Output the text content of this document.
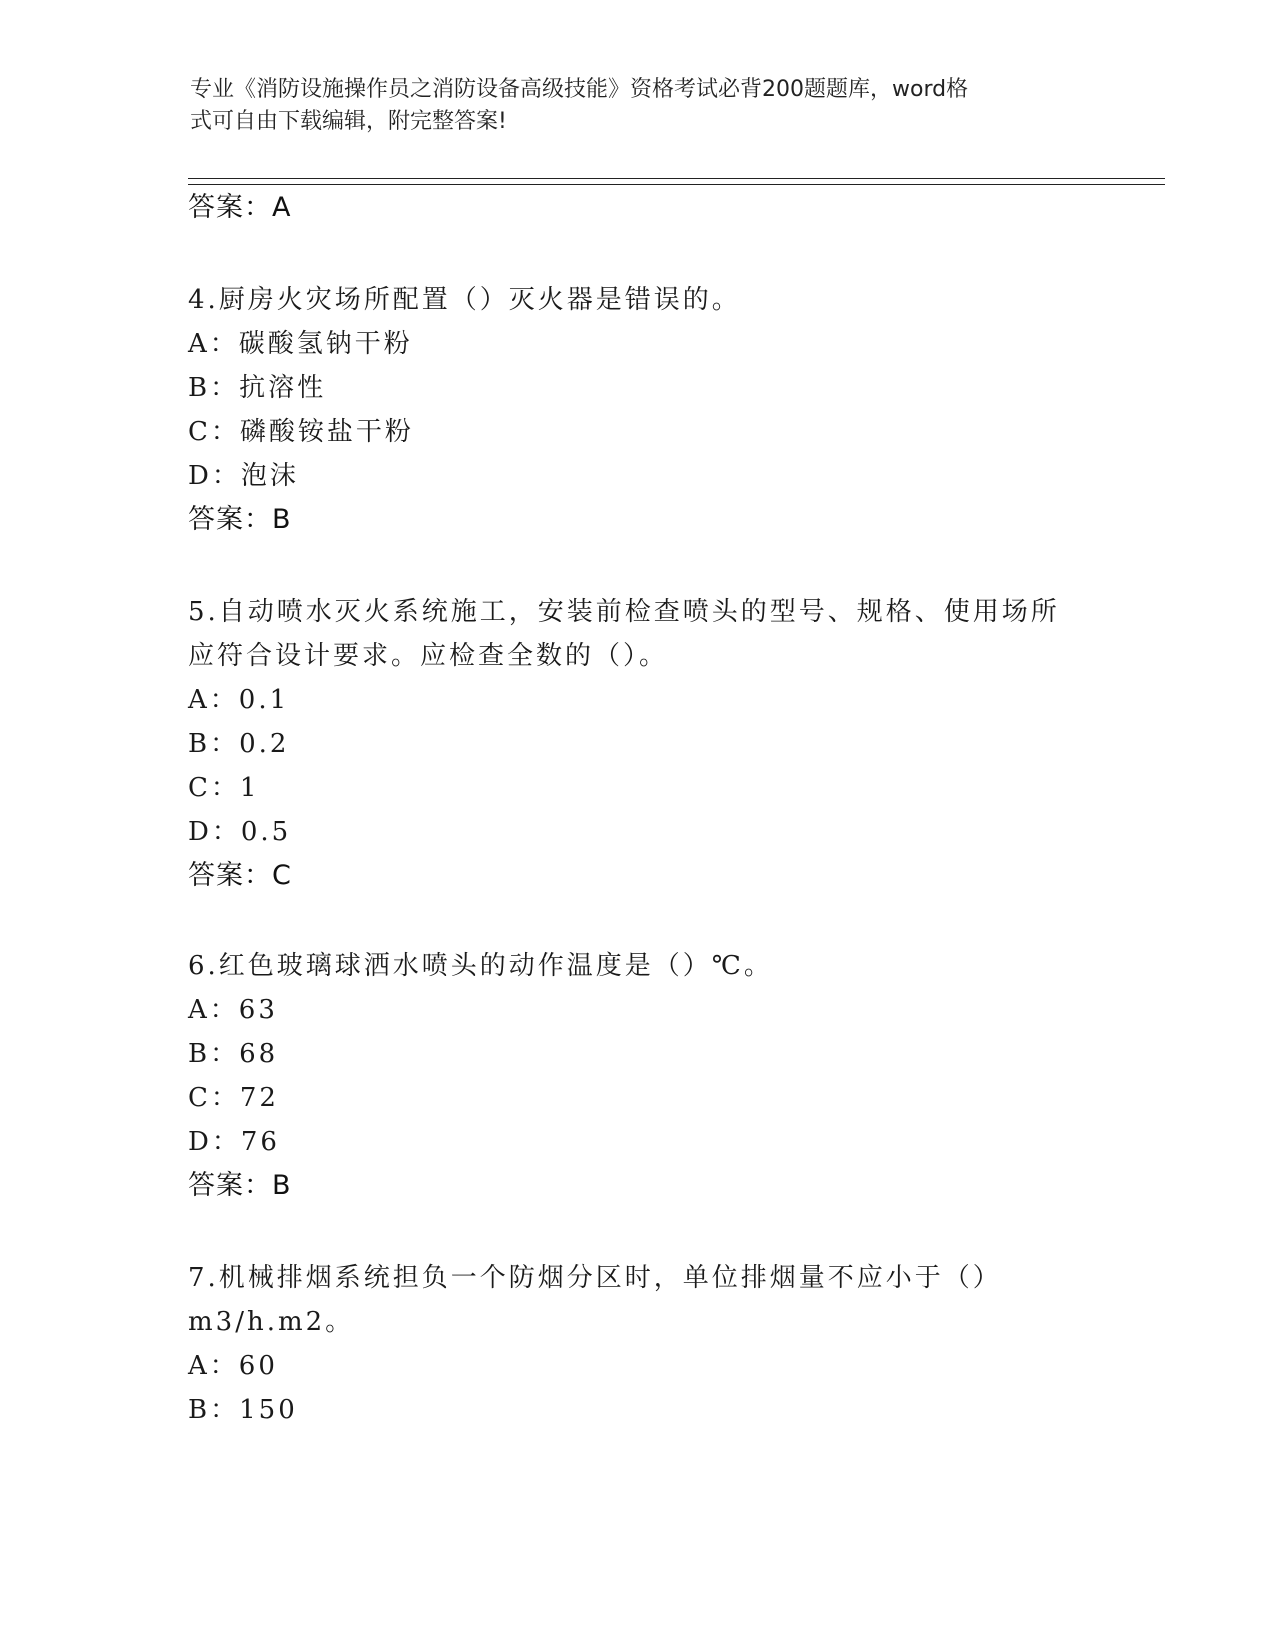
专业《消防设施操作员之消防设备高级技能》资格考试必背200题题库，word格
式可自由下载编辑，附完整答案!
答案：A
4.厨房火灾场所配置（）灭火器是错误的。
A：碳酸氢钠干粉
B：抗溶性
C：磷酸铵盐干粉
D：泡沫
答案：B
5.自动喷水灭火系统施工，安装前检查喷头的型号、规格、使用场所
应符合设计要求。应检查全数的（）。
A：0.1
B：0.2
C：1
D：0.5
答案：C
6.红色玻璃球洒水喷头的动作温度是（）℃。
A：63
B：68
C：72
D：76
答案：B
7.机械排烟系统担负一个防烟分区时，单位排烟量不应小于（）
m3/h.m2。
A：60
B：150
